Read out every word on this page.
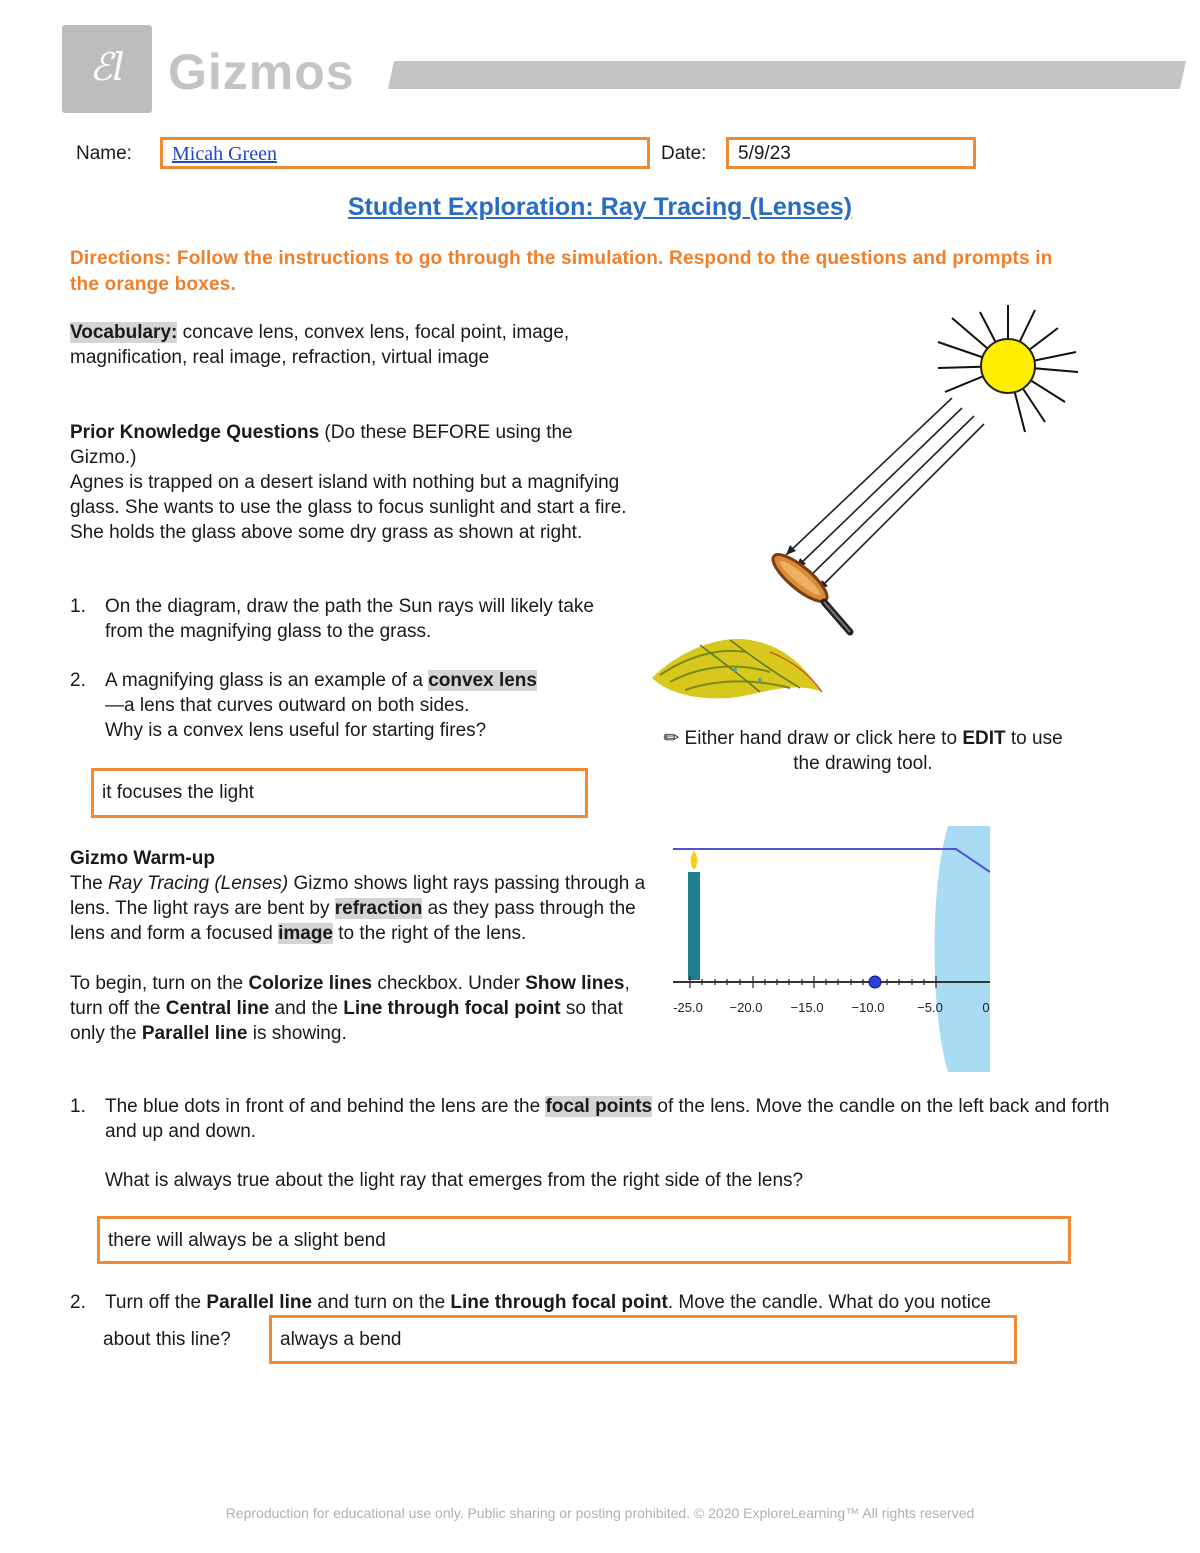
ℰl Gizmos
Name:	Micah Green	Date:	5/9/23
Student Exploration: Ray Tracing (Lenses)
Directions: Follow the instructions to go through the simulation. Respond to the questions and prompts in the orange boxes.
Vocabulary: concave lens, convex lens, focal point, image, magnification, real image, refraction, virtual image
Prior Knowledge Questions (Do these BEFORE using the Gizmo.)
Agnes is trapped on a desert island with nothing but a magnifying glass. She wants to use the glass to focus sunlight and start a fire. She holds the glass above some dry grass as shown at right.
1. On the diagram, draw the path the Sun rays will likely take from the magnifying glass to the grass.
2. A magnifying glass is an example of a convex lens
—a lens that curves outward on both sides.
Why is a convex lens useful for starting fires?
it focuses the light
✏ Either hand draw or click here to EDIT to use the drawing tool.
Gizmo Warm-up
The Ray Tracing (Lenses) Gizmo shows light rays passing through a lens. The light rays are bent by refraction as they pass through the lens and form a focused image to the right of the lens.
To begin, turn on the Colorize lines checkbox. Under Show lines, turn off the Central line and the Line through focal point so that only the Parallel line is showing.
-25.0 −20.0 −15.0 −10.0	−5.0	0
1. The blue dots in front of and behind the lens are the focal points of the lens. Move the candle on the left back and forth and up and down.
What is always true about the light ray that emerges from the right side of the lens?
there will always be a slight bend
2. Turn off the Parallel line and turn on the Line through focal point. Move the candle. What do you notice
about this line?	always a bend
Reproduction for educational use only. Public sharing or posting prohibited. © 2020 ExploreLearning™ All rights reserved
